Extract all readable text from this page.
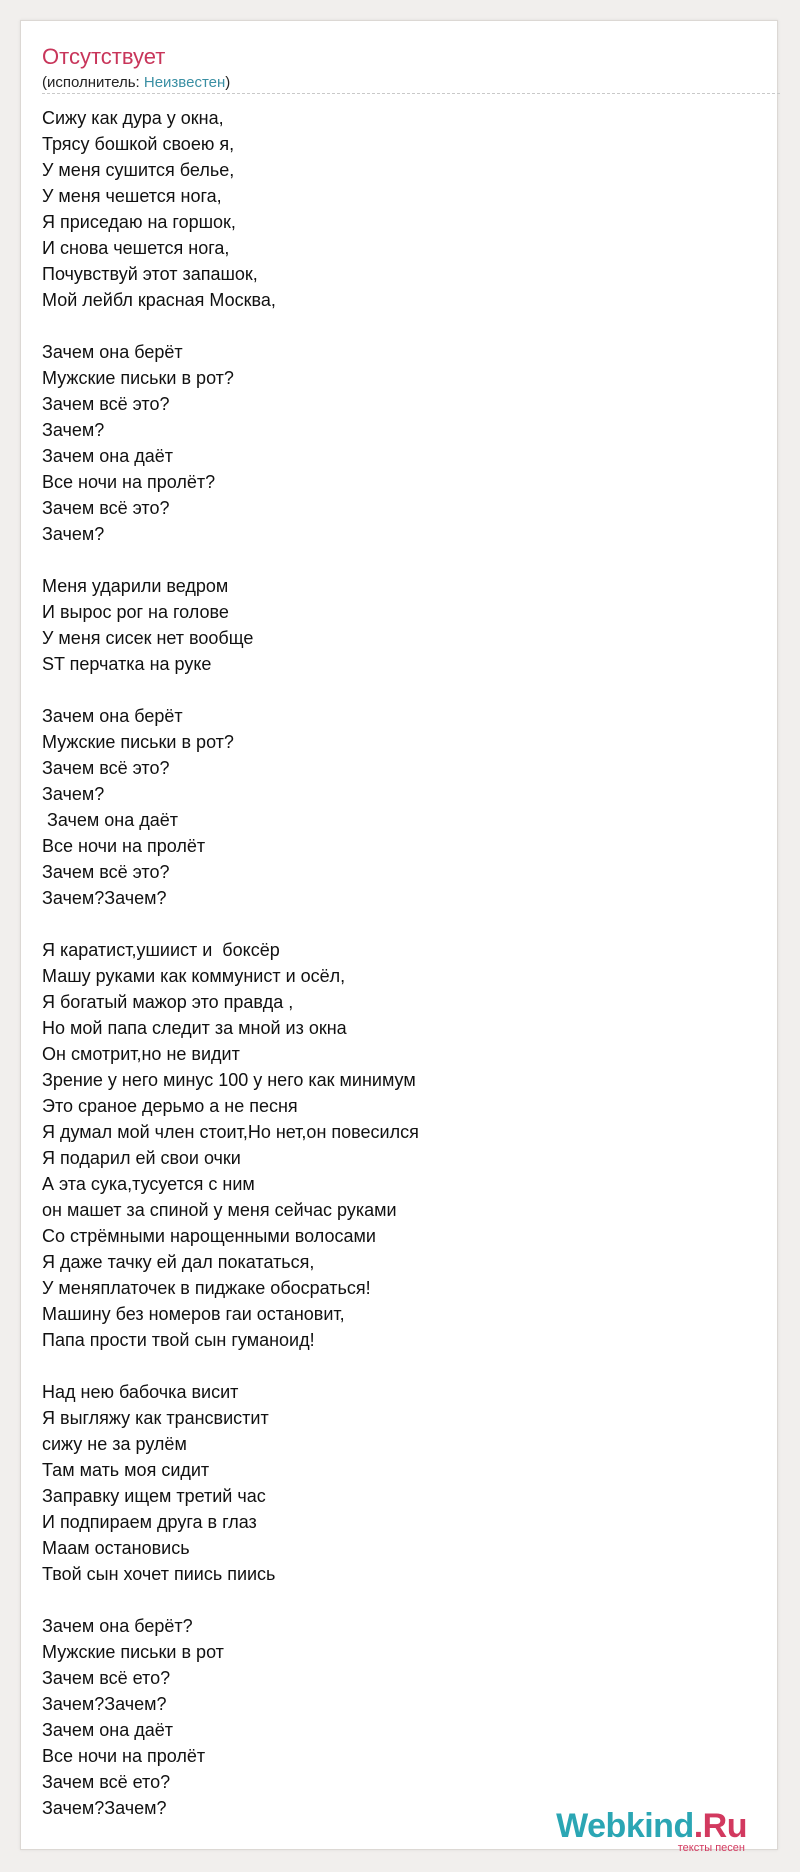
Отсутствует
(исполнитель: Неизвестен)
Сижу как дура у окна,
Трясу бошкой своею я,
У меня сушится белье,
У меня чешется нога,
Я приседаю на горшок,
И снова чешется нога,
Почувствуй этот запашок,
Мой лейбл красная Москва,
Зачем она берёт
Мужские письки в рот?
Зачем всё это?
Зачем?
Зачем она даёт
Все ночи на пролёт?
Зачем всё это?
Зачем?
Меня ударили ведром
И вырос рог на голове
У меня сисек нет вообще
ST перчатка на руке
Зачем она берёт
Мужские письки в рот?
Зачем всё это?
Зачем?
Зачем она даёт
Все ночи на пролёт
Зачем всё это?
Зачем?Зачем?
Я каратист,ушиист и  боксёр
Машу руками как коммунист и осёл,
Я богатый мажор это правда ,
Но мой папа следит за мной из окна
Он смотрит,но не видит
Зрение у него минус 100 у него как минимум
Это сраное дерьмо а не песня
Я думал мой член стоит,Но нет,он повесился
Я подарил ей свои очки
А эта сука,тусуется с ним
он машет за спиной у меня сейчас руками
Со стрёмными нарощенными волосами
Я даже тачку ей дал покататься,
У меняплаточек в пиджаке обосраться!
Машину без номеров гаи остановит,
Папа прости твой сын гуманоид!
Над нею бабочка висит
Я выгляжу как трансвистит
сижу не за рулём
Там мать моя сидит
Заправку ищем третий час
И подпираем друга в глаз
Маам остановись
Твой сын хочет пиись пиись
Зачем она берёт?
Мужские письки в рот
Зачем всё ето?
Зачем?Зачем?
Зачем она даёт
Все ночи на пролёт
Зачем всё ето?
Зачем?Зачем?	Webkind.Ru
тексты песен
